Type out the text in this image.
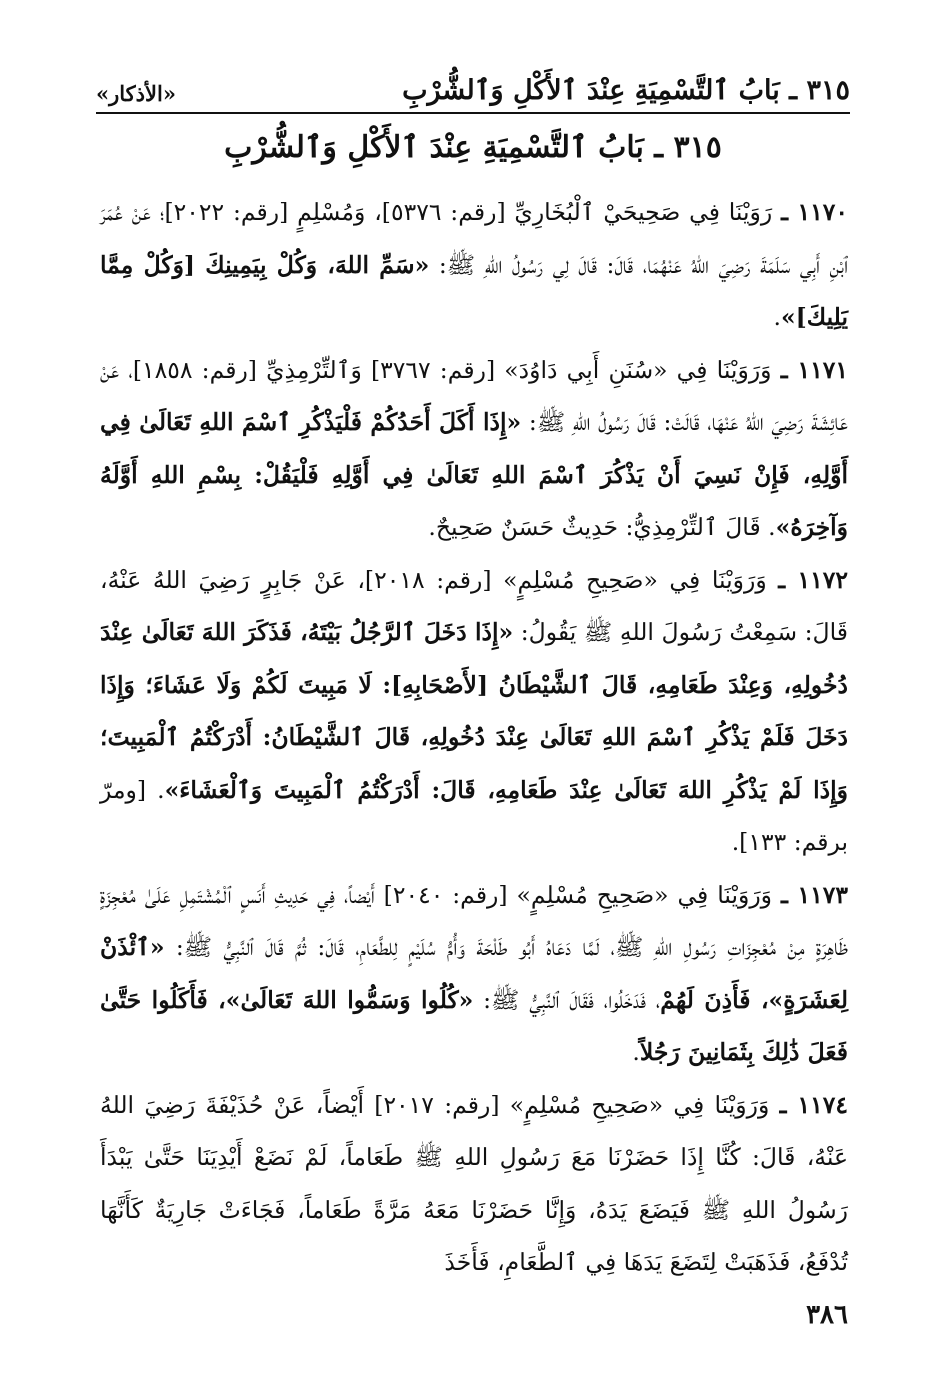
٣١٥ ـ بَابُ ٱلتَّسْمِيَةِ عِنْدَ ٱلأَكْلِ وَٱلشُّرْبِ
«الأذكار»
٣١٥ ـ بَابُ ٱلتَّسْمِيَةِ عِنْدَ ٱلأَكْلِ وَٱلشُّرْبِ

١١٧٠ ـ رَوَيْنَا فِي صَحِيحَيْ ٱلْبُخَارِيِّ [رقم: ٥٣٧٦]، وَمُسْلِمٍ [رقم: ٢٠٢٢]؛ عَنْ عُمَرَ ٱبْنِ أَبِي سَلَمَةَ رَضِيَ اللهُ عَنْهُمَا، قَالَ: قَالَ لِي رَسُولُ اللهِ ﷺ: «سَمِّ اللهَ، وَكُلْ بِيَمِينِكَ [وَكُلْ مِمَّا يَلِيكَ]».

١١٧١ ـ وَرَوَيْنَا فِي «سُنَنِ أَبِي دَاوُدَ» [رقم: ٣٧٦٧] وَٱلتِّرْمِذِيِّ [رقم: ١٨٥٨]، عَنْ عَائِشَةَ رَضِيَ اللهُ عَنْهَا، قَالَتْ: قَالَ رَسُولُ اللهِ ﷺ: «إِذَا أَكَلَ أَحَدُكُمْ فَلْيَذْكُرِ ٱسْمَ اللهِ تَعَالَىٰ فِي أَوَّلِهِ، فَإِنْ نَسِيَ أَنْ يَذْكُرَ ٱسْمَ اللهِ تَعَالَىٰ فِي أَوَّلِهِ فَلْيَقُلْ: بِسْمِ اللهِ أَوَّلَهُ وَآخِرَهُ». قَالَ ٱلتِّرْمِذِيُّ: حَدِيثٌ حَسَنٌ صَحِيحٌ.

١١٧٢ ـ وَرَوَيْنَا فِي «صَحِيحِ مُسْلِمٍ» [رقم: ٢٠١٨]، عَنْ جَابِرٍ رَضِيَ اللهُ عَنْهُ، قَالَ: سَمِعْتُ رَسُولَ اللهِ ﷺ يَقُولُ: «إِذَا دَخَلَ ٱلرَّجُلُ بَيْتَهُ، فَذَكَرَ اللهَ تَعَالَىٰ عِنْدَ دُخُولِهِ، وَعِنْدَ طَعَامِهِ، قَالَ ٱلشَّيْطَانُ [لأَصْحَابِهِ]: لَا مَبِيتَ لَكُمْ وَلَا عَشَاءَ؛ وَإِذَا دَخَلَ فَلَمْ يَذْكُرِ ٱسْمَ اللهِ تَعَالَىٰ عِنْدَ دُخُولِهِ، قَالَ ٱلشَّيْطَانُ: أَدْرَكْتُمُ ٱلْمَبِيتَ؛ وَإِذَا لَمْ يَذْكُرِ اللهَ تَعَالَىٰ عِنْدَ طَعَامِهِ، قَالَ: أَدْرَكْتُمُ ٱلْمَبِيتَ وَٱلْعَشَاءَ». [ومرّ برقم: ١٣٣].

١١٧٣ ـ وَرَوَيْنَا فِي «صَحِيحِ مُسْلِمٍ» [رقم: ٢٠٤٠] أَيْضاً، فِي حَدِيثِ أَنَسٍ ٱلْمُشْتَمِلِ عَلَىٰ مُعْجِزَةٍ ظَاهِرَةٍ مِنْ مُعْجِزَاتِ رَسُولِ اللهِ ﷺ، لَمَّا دَعَاهُ أَبُو طَلْحَةَ وَأُمُّ سُلَيْمٍ لِلطَّعَامِ، قَالَ: ثُمَّ قَالَ ٱلنَّبِيُّ ﷺ: «ٱئْذَنْ لِعَشَرَةٍ»، فَأَذِنَ لَهُمْ، فَدَخَلُوا، فَقَالَ ٱلنَّبِيُّ ﷺ: «كُلُوا وَسَمُّوا اللهَ تَعَالَىٰ»، فَأَكَلُوا حَتَّىٰ فَعَلَ ذَٰلِكَ بِثَمَانِينَ رَجُلاً.

١١٧٤ ـ وَرَوَيْنَا فِي «صَحِيحِ مُسْلِمٍ» [رقم: ٢٠١٧] أَيْضاً، عَنْ حُذَيْفَةَ رَضِيَ اللهُ عَنْهُ، قَالَ: كُنَّا إِذَا حَضَرْنَا مَعَ رَسُولِ اللهِ ﷺ طَعَاماً، لَمْ نَضَعْ أَيْدِيَنَا حَتَّىٰ يَبْدَأَ رَسُولُ اللهِ ﷺ فَيَضَعَ يَدَهُ، وَإِنَّا حَضَرْنَا مَعَهُ مَرَّةً طَعَاماً، فَجَاءَتْ جَارِيَةٌ كَأَنَّهَا تُدْفَعُ، فَذَهَبَتْ لِتَضَعَ يَدَهَا فِي ٱلطَّعَامِ، فَأَخَذَ

٣٨٦
